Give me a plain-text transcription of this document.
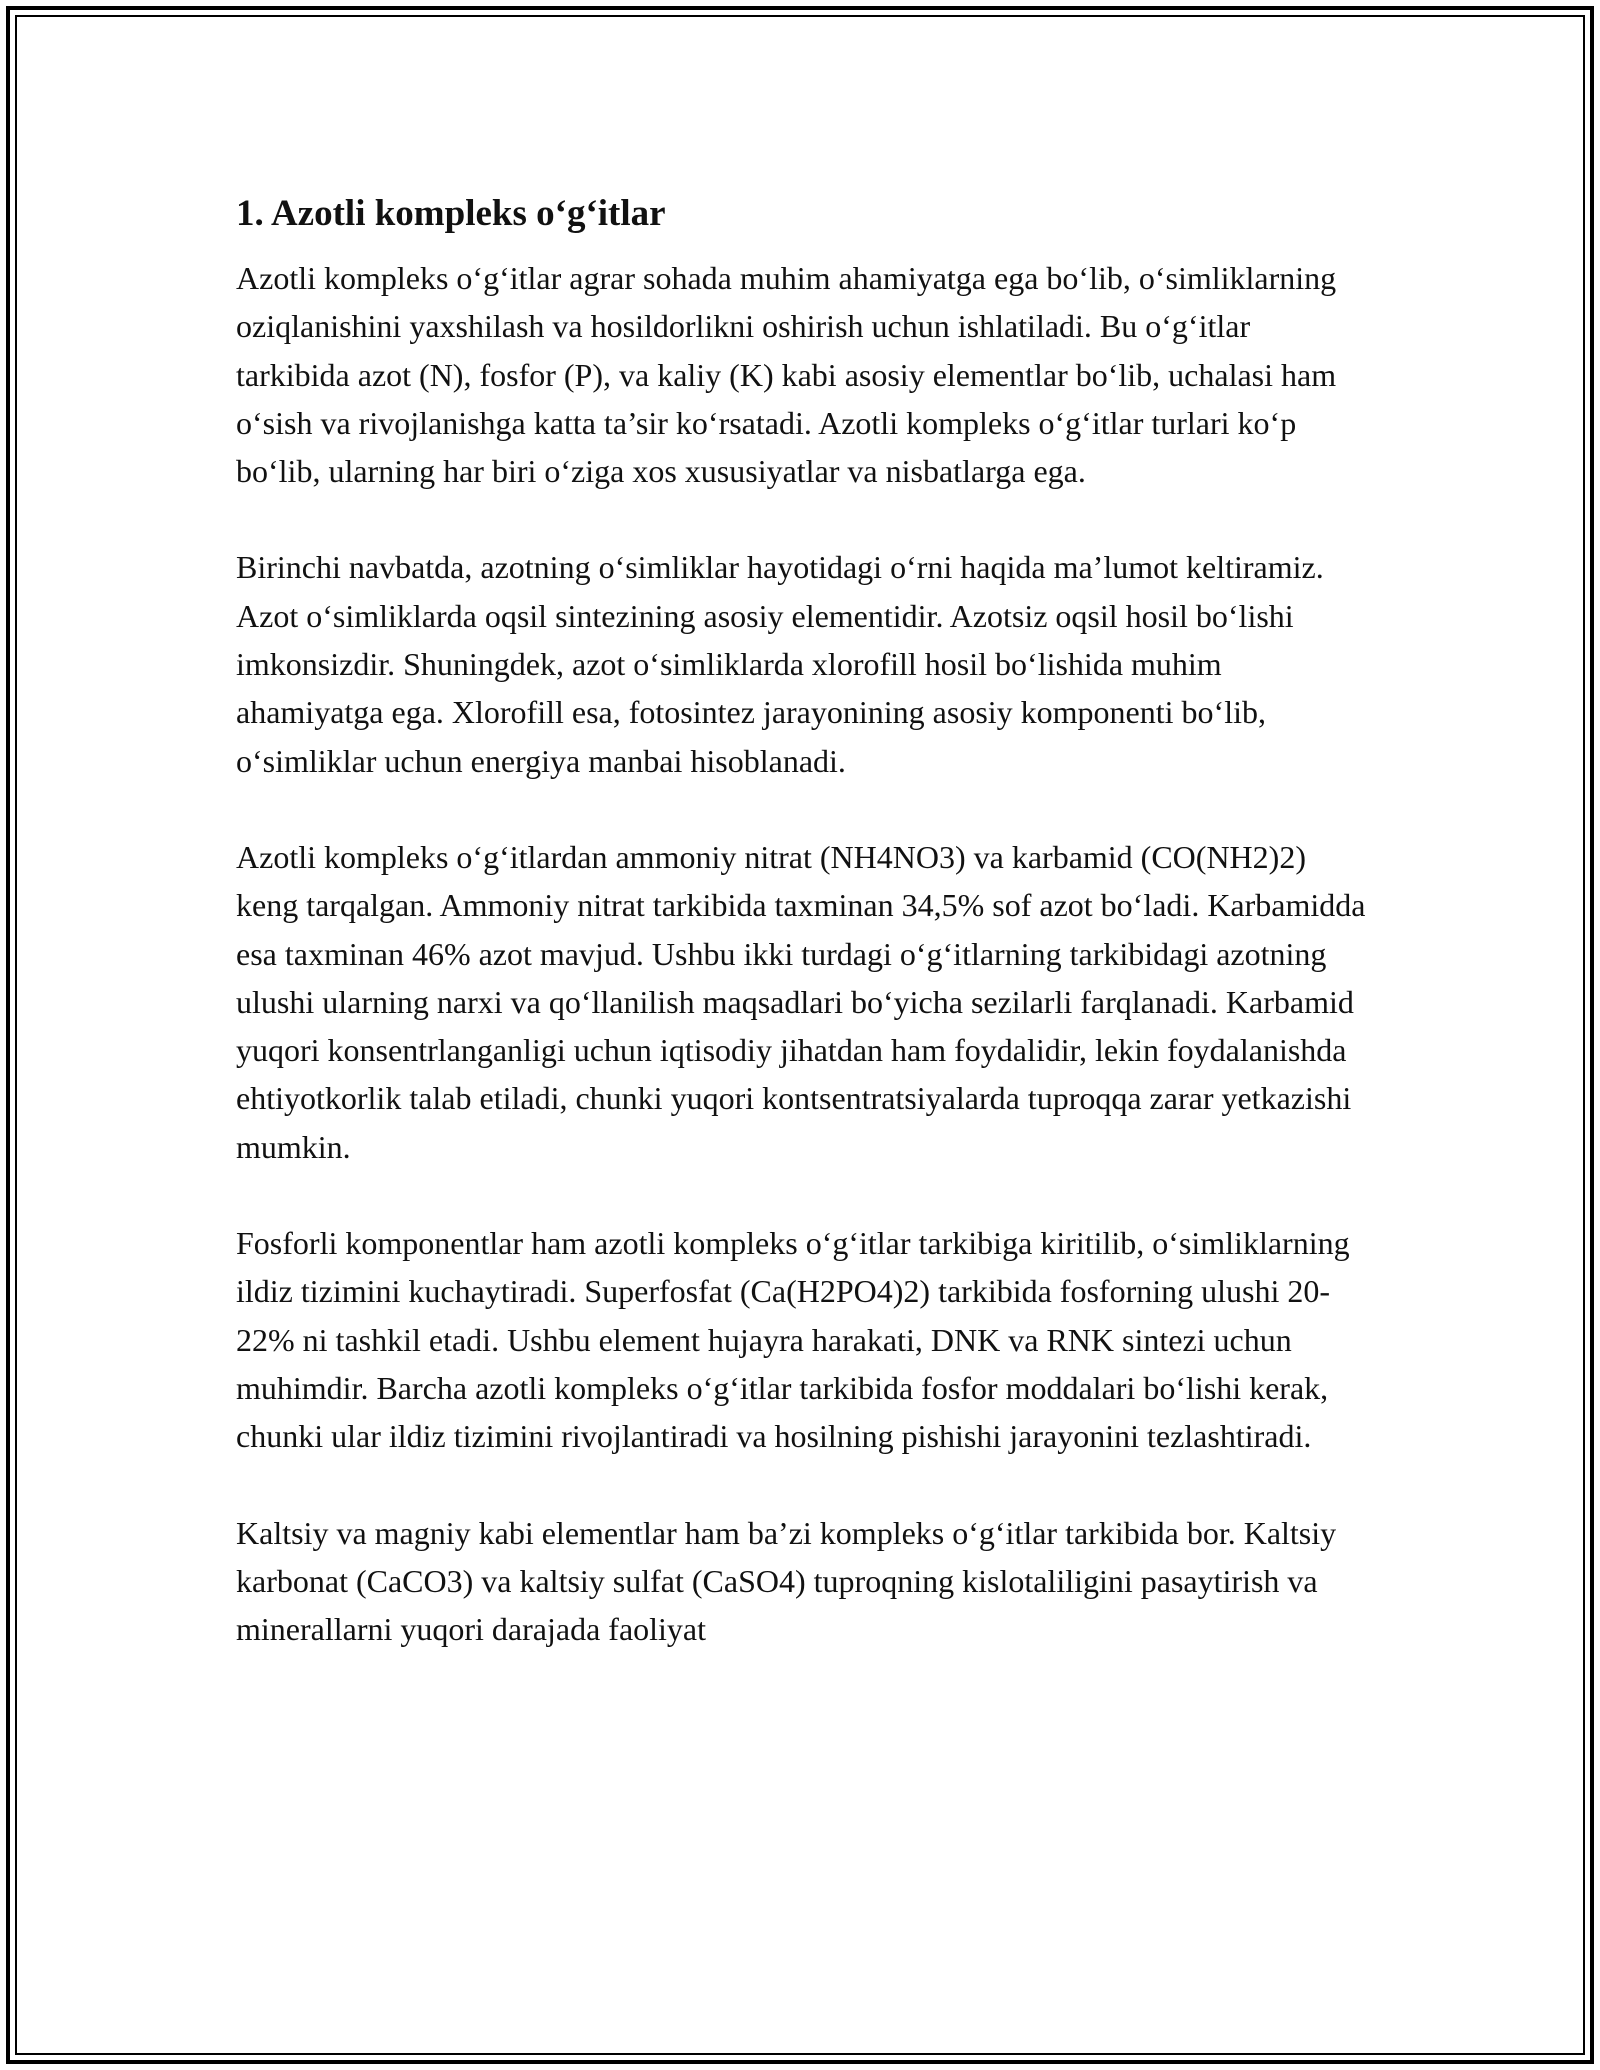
1. Azotli kompleks o‘g‘itlar

Azotli kompleks o‘g‘itlar agrar sohada muhim ahamiyatga ega bo‘lib, o‘simliklarning oziqlanishini yaxshilash va hosildorlikni oshirish uchun ishlatiladi. Bu o‘g‘itlar tarkibida azot (N), fosfor (P), va kaliy (K) kabi asosiy elementlar bo‘lib, uchalasi ham o‘sish va rivojlanishga katta ta’sir ko‘rsatadi. Azotli kompleks o‘g‘itlar turlari ko‘p bo‘lib, ularning har biri o‘ziga xos xususiyatlar va nisbatlarga ega.

Birinchi navbatda, azotning o‘simliklar hayotidagi o‘rni haqida ma’lumot keltiramiz. Azot o‘simliklarda oqsil sintezining asosiy elementidir. Azotsiz oqsil hosil bo‘lishi imkonsizdir. Shuningdek, azot o‘simliklarda xlorofill hosil bo‘lishida muhim ahamiyatga ega. Xlorofill esa, fotosintez jarayonining asosiy komponenti bo‘lib, o‘simliklar uchun energiya manbai hisoblanadi.

Azotli kompleks o‘g‘itlardan ammoniy nitrat (NH4NO3) va karbamid (CO(NH2)2) keng tarqalgan. Ammoniy nitrat tarkibida taxminan 34,5% sof azot bo‘ladi. Karbamidda esa taxminan 46% azot mavjud. Ushbu ikki turdagi o‘g‘itlarning tarkibidagi azotning ulushi ularning narxi va qo‘llanilish maqsadlari bo‘yicha sezilarli farqlanadi. Karbamid yuqori konsentrlanganligi uchun iqtisodiy jihatdan ham foydalidir, lekin foydalanishda ehtiyotkorlik talab etiladi, chunki yuqori kontsentratsiyalarda tuproqqa zarar yetkazishi mumkin.

Fosforli komponentlar ham azotli kompleks o‘g‘itlar tarkibiga kiritilib, o‘simliklarning ildiz tizimini kuchaytiradi. Superfosfat (Ca(H2PO4)2) tarkibida fosforning ulushi 20-22% ni tashkil etadi. Ushbu element hujayra harakati, DNK va RNK sintezi uchun muhimdir. Barcha azotli kompleks o‘g‘itlar tarkibida fosfor moddalari bo‘lishi kerak, chunki ular ildiz tizimini rivojlantiradi va hosilning pishishi jarayonini tezlashtiradi.

Kaltsiy va magniy kabi elementlar ham ba’zi kompleks o‘g‘itlar tarkibida bor. Kaltsiy karbonat (CaCO3) va kaltsiy sulfat (CaSO4) tuproqning kislotaliligini pasaytirish va minerallarni yuqori darajada faoliyat
